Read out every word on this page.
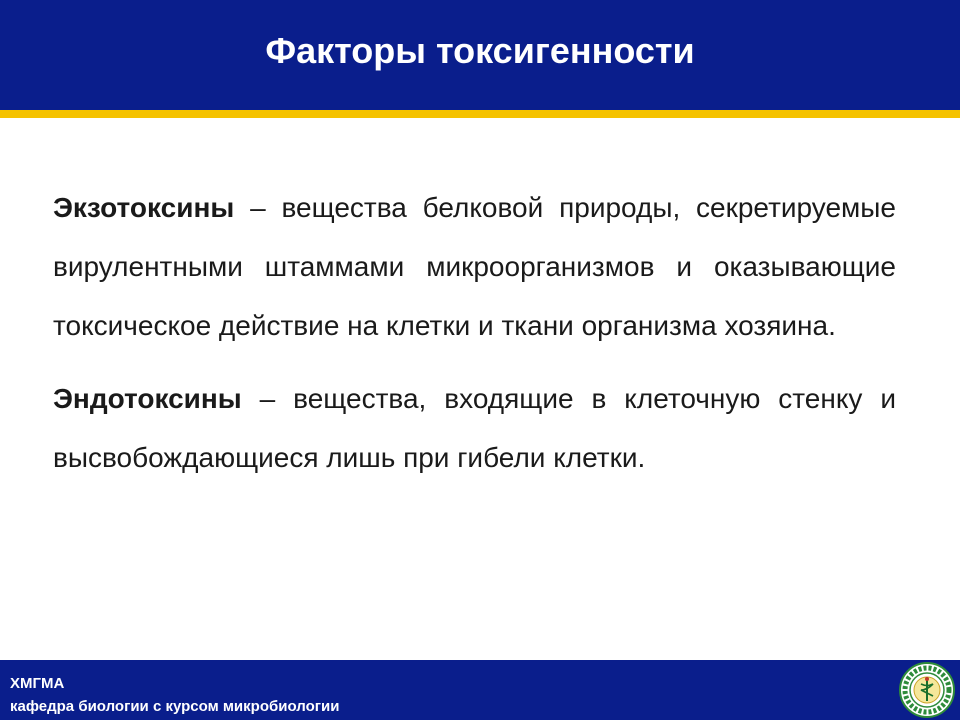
Факторы токсигенности

Экзотоксины – вещества белковой природы, секретируемые вирулентными штаммами микроорганизмов и оказывающие токсическое действие на клетки и ткани организма хозяина.

Эндотоксины – вещества, входящие в клеточную стенку и высвобождающиеся лишь при гибели клетки.

ХМГМА
кафедра биологии с курсом микробиологии
